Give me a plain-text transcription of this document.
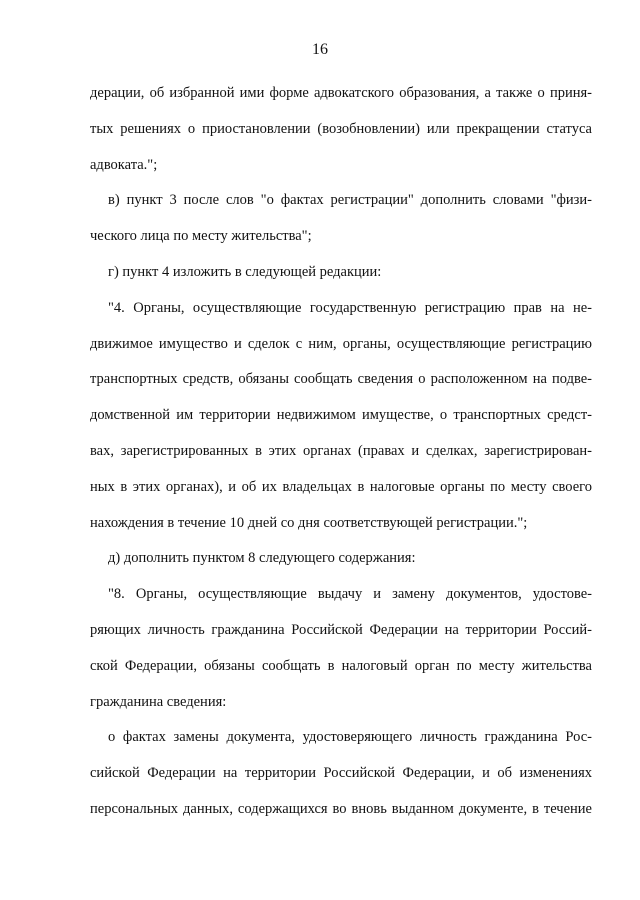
16
дерации, об избранной ими форме адвокатского образования, а также о приня-
тых решениях о приостановлении (возобновлении) или прекращении статуса
адвоката.";
в) пункт 3 после слов "о фактах регистрации" дополнить словами "физи-
ческого лица по месту жительства";
г) пункт 4 изложить в следующей редакции:
"4. Органы, осуществляющие государственную регистрацию прав на не-
движимое имущество и сделок с ним, органы, осуществляющие регистрацию
транспортных средств, обязаны сообщать сведения о расположенном на подве-
домственной им территории недвижимом имуществе, о транспортных средст-
вах, зарегистрированных в этих органах (правах и сделках, зарегистрирован-
ных в этих органах), и об их владельцах в налоговые органы по месту своего
нахождения в течение 10 дней со дня соответствующей регистрации.";
д) дополнить пунктом 8 следующего содержания:
"8. Органы, осуществляющие выдачу и замену документов, удостове-
ряющих личность гражданина Российской Федерации на территории Россий-
ской Федерации, обязаны сообщать в налоговый орган по месту жительства
гражданина сведения:
о фактах замены документа, удостоверяющего личность гражданина Рос-
сийской Федерации на территории Российской Федерации, и об изменениях
персональных данных, содержащихся во вновь выданном документе, в течение
